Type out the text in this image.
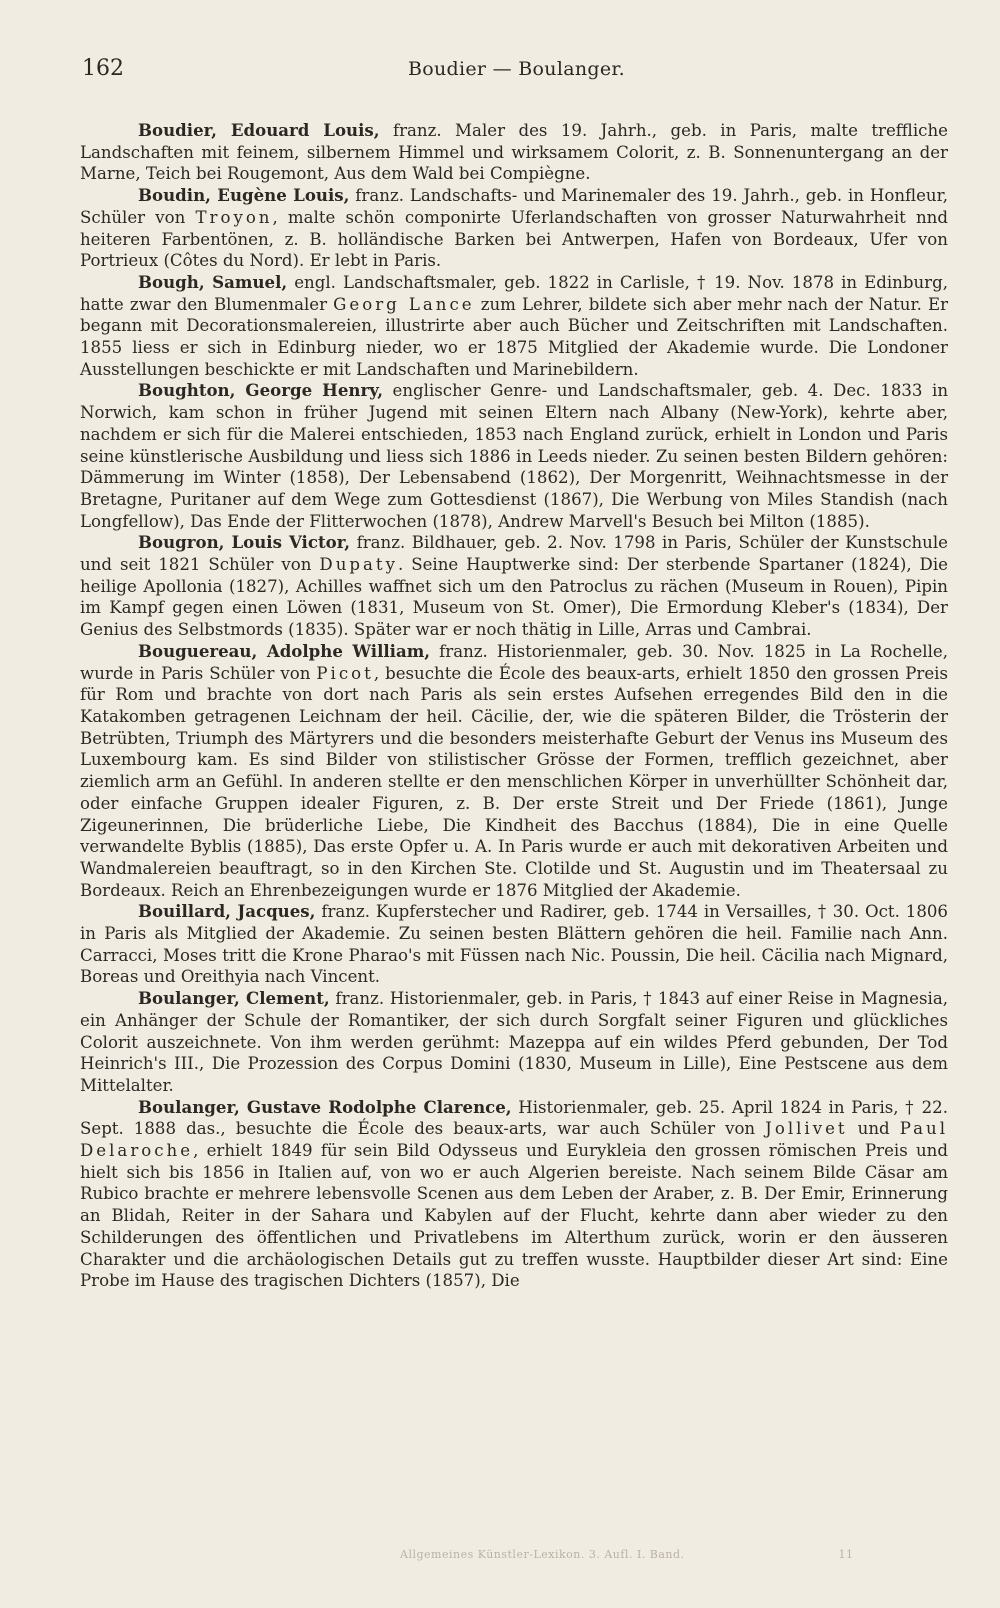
162	Boudier — Boulanger.

Boudier, Edouard Louis, franz. Maler des 19. Jahrh., geb. in Paris, malte treffliche Landschaften mit feinem, silbernem Himmel und wirksamem Colorit, z. B. Sonnenuntergang an der Marne, Teich bei Rougemont, Aus dem Wald bei Compiègne.

Boudin, Eugène Louis, franz. Landschafts- und Marinemaler des 19. Jahrh., geb. in Honfleur, Schüler von Troyon, malte schön componirte Uferlandschaften von grosser Naturwahrheit nnd heiteren Farbentönen, z. B. holländische Barken bei Antwerpen, Hafen von Bordeaux, Ufer von Portrieux (Côtes du Nord). Er lebt in Paris.

Bough, Samuel, engl. Landschaftsmaler, geb. 1822 in Carlisle, † 19. Nov. 1878 in Edinburg, hatte zwar den Blumenmaler Georg Lance zum Lehrer, bildete sich aber mehr nach der Natur. Er begann mit Decorationsmalereien, illustrirte aber auch Bücher und Zeitschriften mit Landschaften. 1855 liess er sich in Edinburg nieder, wo er 1875 Mitglied der Akademie wurde. Die Londoner Ausstellungen beschickte er mit Landschaften und Marinebildern.

Boughton, George Henry, englischer Genre- und Landschaftsmaler, geb. 4. Dec. 1833 in Norwich, kam schon in früher Jugend mit seinen Eltern nach Albany (New-York), kehrte aber, nachdem er sich für die Malerei entschieden, 1853 nach England zurück, erhielt in London und Paris seine künstlerische Ausbildung und liess sich 1886 in Leeds nieder. Zu seinen besten Bildern gehören: Dämmerung im Winter (1858), Der Lebensabend (1862), Der Morgenritt, Weihnachtsmesse in der Bretagne, Puritaner auf dem Wege zum Gottesdienst (1867), Die Werbung von Miles Standish (nach Longfellow), Das Ende der Flitterwochen (1878), Andrew Marvell's Besuch bei Milton (1885).

Bougron, Louis Victor, franz. Bildhauer, geb. 2. Nov. 1798 in Paris, Schüler der Kunstschule und seit 1821 Schüler von Dupaty. Seine Hauptwerke sind: Der sterbende Spartaner (1824), Die heilige Apollonia (1827), Achilles waffnet sich um den Patroclus zu rächen (Museum in Rouen), Pipin im Kampf gegen einen Löwen (1831, Museum von St. Omer), Die Ermordung Kleber's (1834), Der Genius des Selbstmords (1835). Später war er noch thätig in Lille, Arras und Cambrai.

Bouguereau, Adolphe William, franz. Historienmaler, geb. 30. Nov. 1825 in La Rochelle, wurde in Paris Schüler von Picot, besuchte die École des beaux-arts, erhielt 1850 den grossen Preis für Rom und brachte von dort nach Paris als sein erstes Aufsehen erregendes Bild den in die Katakomben getragenen Leichnam der heil. Cäcilie, der, wie die späteren Bilder, die Trösterin der Betrübten, Triumph des Märtyrers und die besonders meisterhafte Geburt der Venus ins Museum des Luxembourg kam. Es sind Bilder von stilistischer Grösse der Formen, trefflich gezeichnet, aber ziemlich arm an Gefühl. In anderen stellte er den menschlichen Körper in unverhüllter Schönheit dar, oder einfache Gruppen idealer Figuren, z. B. Der erste Streit und Der Friede (1861), Junge Zigeunerinnen, Die brüderliche Liebe, Die Kindheit des Bacchus (1884), Die in eine Quelle verwandelte Byblis (1885), Das erste Opfer u. A. In Paris wurde er auch mit dekorativen Arbeiten und Wandmalereien beauftragt, so in den Kirchen Ste. Clotilde und St. Augustin und im Theatersaal zu Bordeaux. Reich an Ehrenbezeigungen wurde er 1876 Mitglied der Akademie.

Bouillard, Jacques, franz. Kupferstecher und Radirer, geb. 1744 in Versailles, † 30. Oct. 1806 in Paris als Mitglied der Akademie. Zu seinen besten Blättern gehören die heil. Familie nach Ann. Carracci, Moses tritt die Krone Pharao's mit Füssen nach Nic. Poussin, Die heil. Cäcilia nach Mignard, Boreas und Oreithyia nach Vincent.

Boulanger, Clement, franz. Historienmaler, geb. in Paris, † 1843 auf einer Reise in Magnesia, ein Anhänger der Schule der Romantiker, der sich durch Sorgfalt seiner Figuren und glückliches Colorit auszeichnete. Von ihm werden gerühmt: Mazeppa auf ein wildes Pferd gebunden, Der Tod Heinrich's III., Die Prozession des Corpus Domini (1830, Museum in Lille), Eine Pestscene aus dem Mittelalter.

Boulanger, Gustave Rodolphe Clarence, Historienmaler, geb. 25. April 1824 in Paris, † 22. Sept. 1888 das., besuchte die École des beaux-arts, war auch Schüler von Jollivet und Paul Delaroche, erhielt 1849 für sein Bild Odysseus und Eurykleia den grossen römischen Preis und hielt sich bis 1856 in Italien auf, von wo er auch Algerien bereiste. Nach seinem Bilde Cäsar am Rubico brachte er mehrere lebensvolle Scenen aus dem Leben der Araber, z. B. Der Emir, Erinnerung an Blidah, Reiter in der Sahara und Kabylen auf der Flucht, kehrte dann aber wieder zu den Schilderungen des öffentlichen und Privatlebens im Alterthum zurück, worin er den äusseren Charakter und die archäologischen Details gut zu treffen wusste. Hauptbilder dieser Art sind: Eine Probe im Hause des tragischen Dichters (1857), Die

Allgemeines Künstler-Lexikon. 3. Aufl. I. Band.	11
